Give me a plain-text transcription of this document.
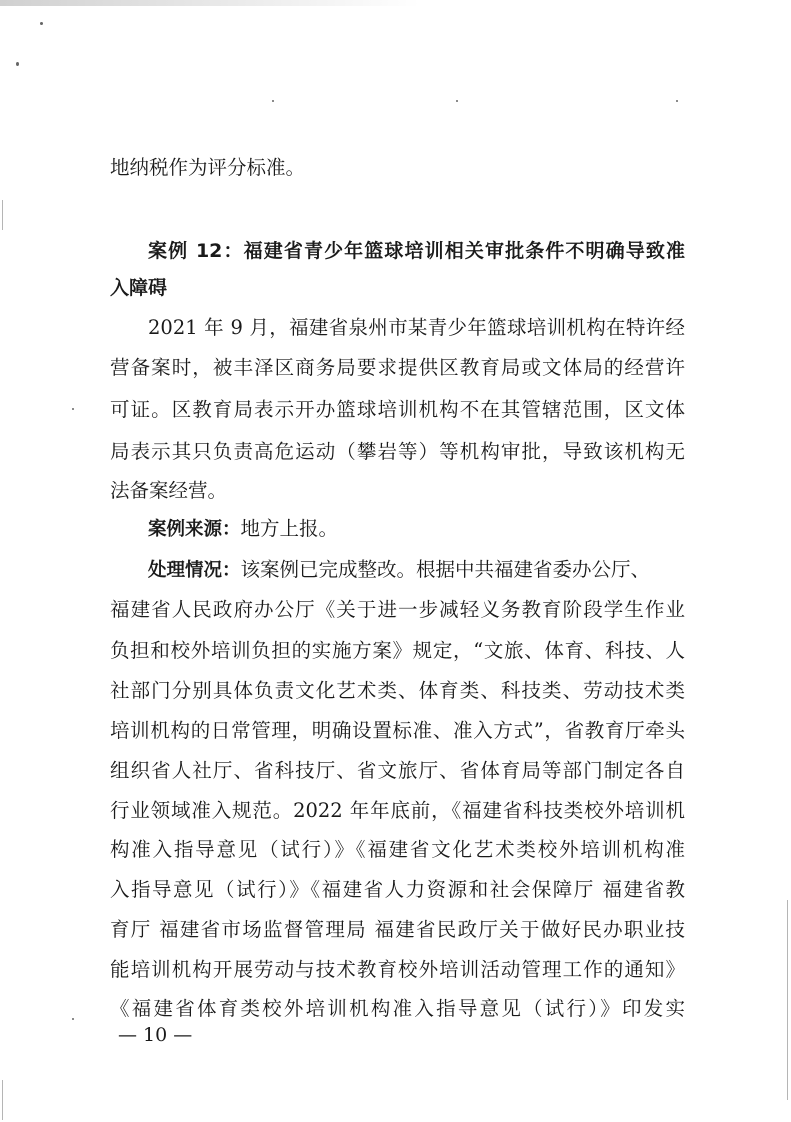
地纳税作为评分标准。
案例 12：福建省青少年篮球培训相关审批条件不明确导致准
入障碍
2021 年 9 月，福建省泉州市某青少年篮球培训机构在特许经
营备案时，被丰泽区商务局要求提供区教育局或文体局的经营许
可证。区教育局表示开办篮球培训机构不在其管辖范围，区文体
局表示其只负责高危运动（攀岩等）等机构审批，导致该机构无
法备案经营。
案例来源：地方上报。
处理情况：该案例已完成整改。根据中共福建省委办公厅、
福建省人民政府办公厅《关于进一步减轻义务教育阶段学生作业
负担和校外培训负担的实施方案》规定，“文旅、体育、科技、人
社部门分别具体负责文化艺术类、体育类、科技类、劳动技术类
培训机构的日常管理，明确设置标准、准入方式”，省教育厅牵头
组织省人社厅、省科技厅、省文旅厅、省体育局等部门制定各自
行业领域准入规范。2022 年年底前，《福建省科技类校外培训机
构准入指导意见（试行）》《福建省文化艺术类校外培训机构准
入指导意见（试行）》《福建省人力资源和社会保障厅 福建省教
育厅 福建省市场监督管理局 福建省民政厅关于做好民办职业技
能培训机构开展劳动与技术教育校外培训活动管理工作的通知》
《福建省体育类校外培训机构准入指导意见（试行）》印发实
— 10 —
